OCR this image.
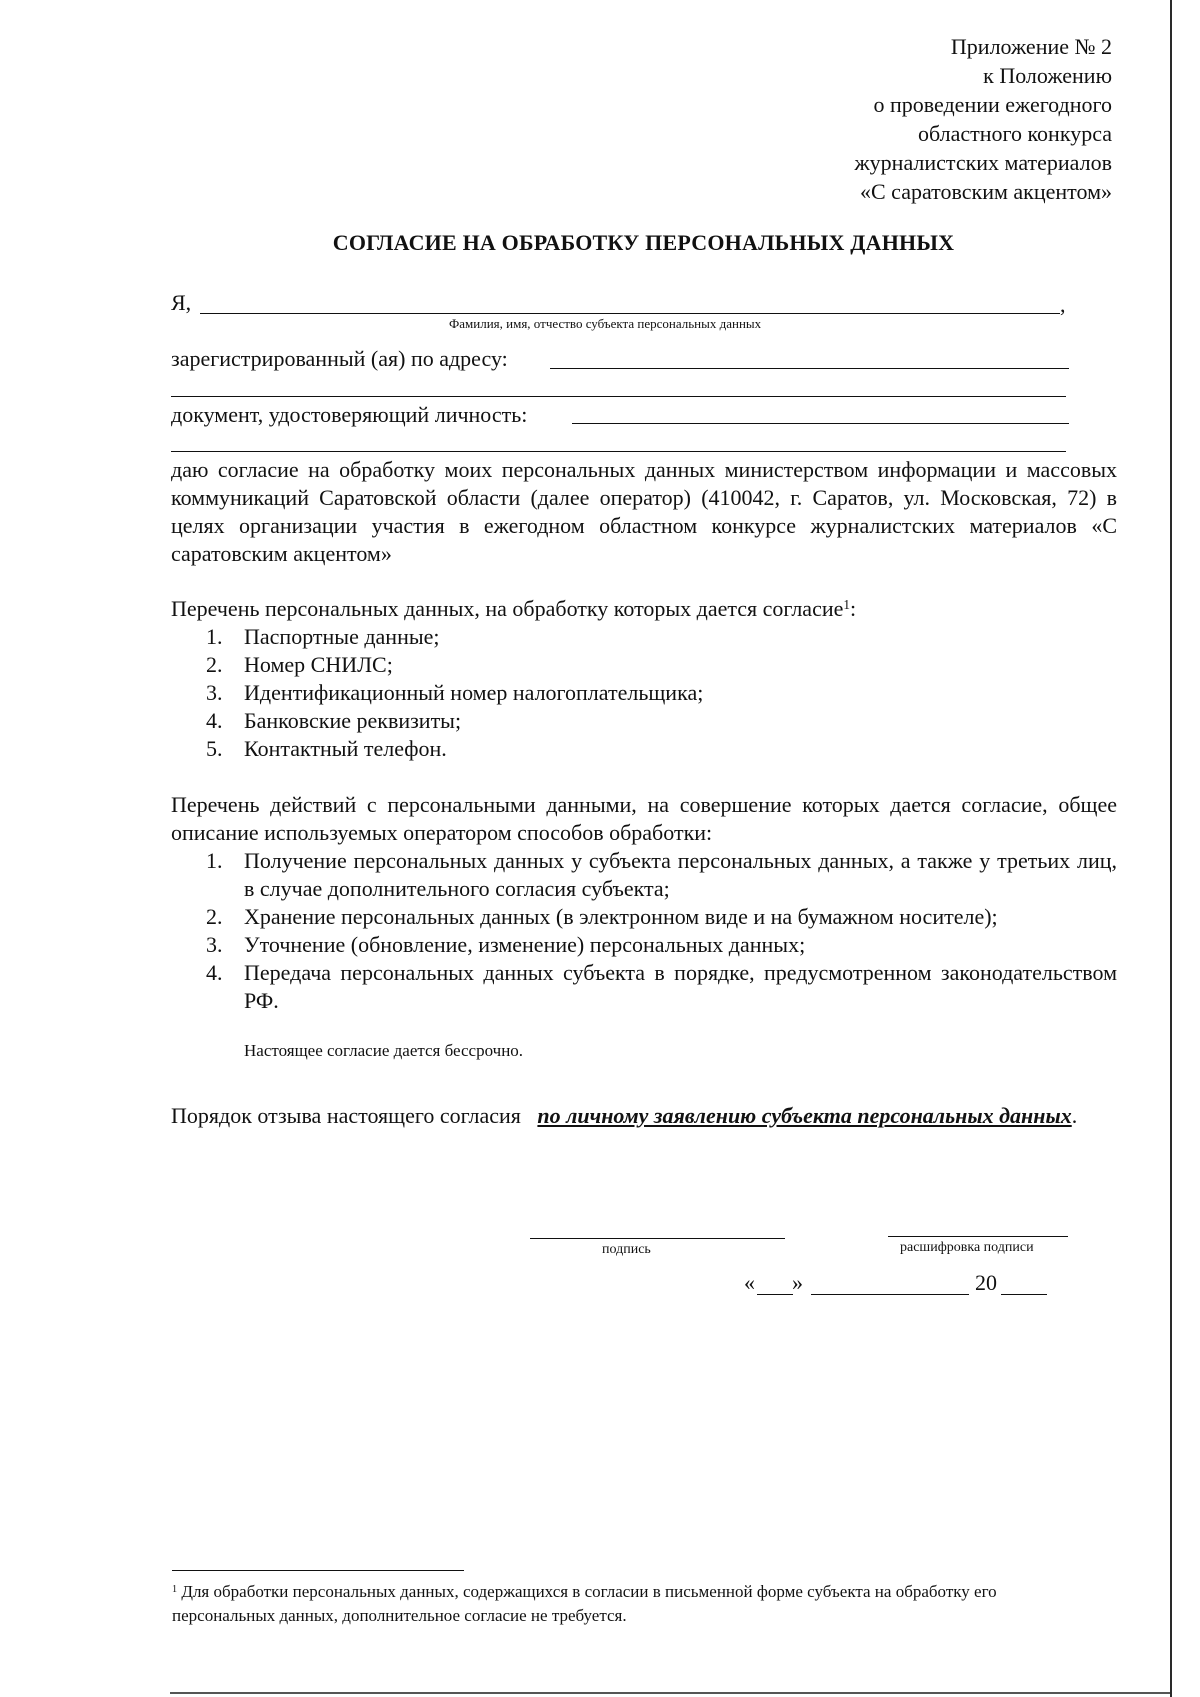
Приложение № 2
к Положению
о проведении ежегодного
областного конкурса
журналистских материалов
«С саратовским акцентом»
СОГЛАСИЕ НА ОБРАБОТКУ ПЕРСОНАЛЬНЫХ ДАННЫХ
Я,	,
Фамилия, имя, отчество субъекта персональных данных
зарегистрированный (ая) по адресу:
документ, удостоверяющий личность:
даю согласие на обработку моих персональных данных министерством информации и массовых коммуникаций Саратовской области (далее оператор) (410042, г. Саратов, ул. Московская, 72) в целях организации участия в ежегодном областном конкурсе журналистских материалов «С саратовским акцентом»
Перечень персональных данных, на обработку которых дается согласие$^1$:
1. Паспортные данные;
2. Номер СНИЛС;
3. Идентификационный номер налогоплательщика;
4. Банковские реквизиты;
5. Контактный телефон.
Перечень действий с персональными данными, на совершение которых дается согласие, общее описание используемых оператором способов обработки:
1. Получение персональных данных у субъекта персональных данных, а также у третьих лиц, в случае дополнительного согласия субъекта;
2. Хранение персональных данных (в электронном виде и на бумажном носителе);
3. Уточнение (обновление, изменение) персональных данных;
4. Передача персональных данных субъекта в порядке, предусмотренном законодательством РФ.
Настоящее согласие дается бессрочно.
Порядок отзыва настоящего согласия по личному заявлению субъекта персональных данных.
подпись	расшифровка подписи
« »	20
$^1$ Для обработки персональных данных, содержащихся в согласии в письменной форме субъекта на обработку его персональных данных, дополнительное согласие не требуется.
